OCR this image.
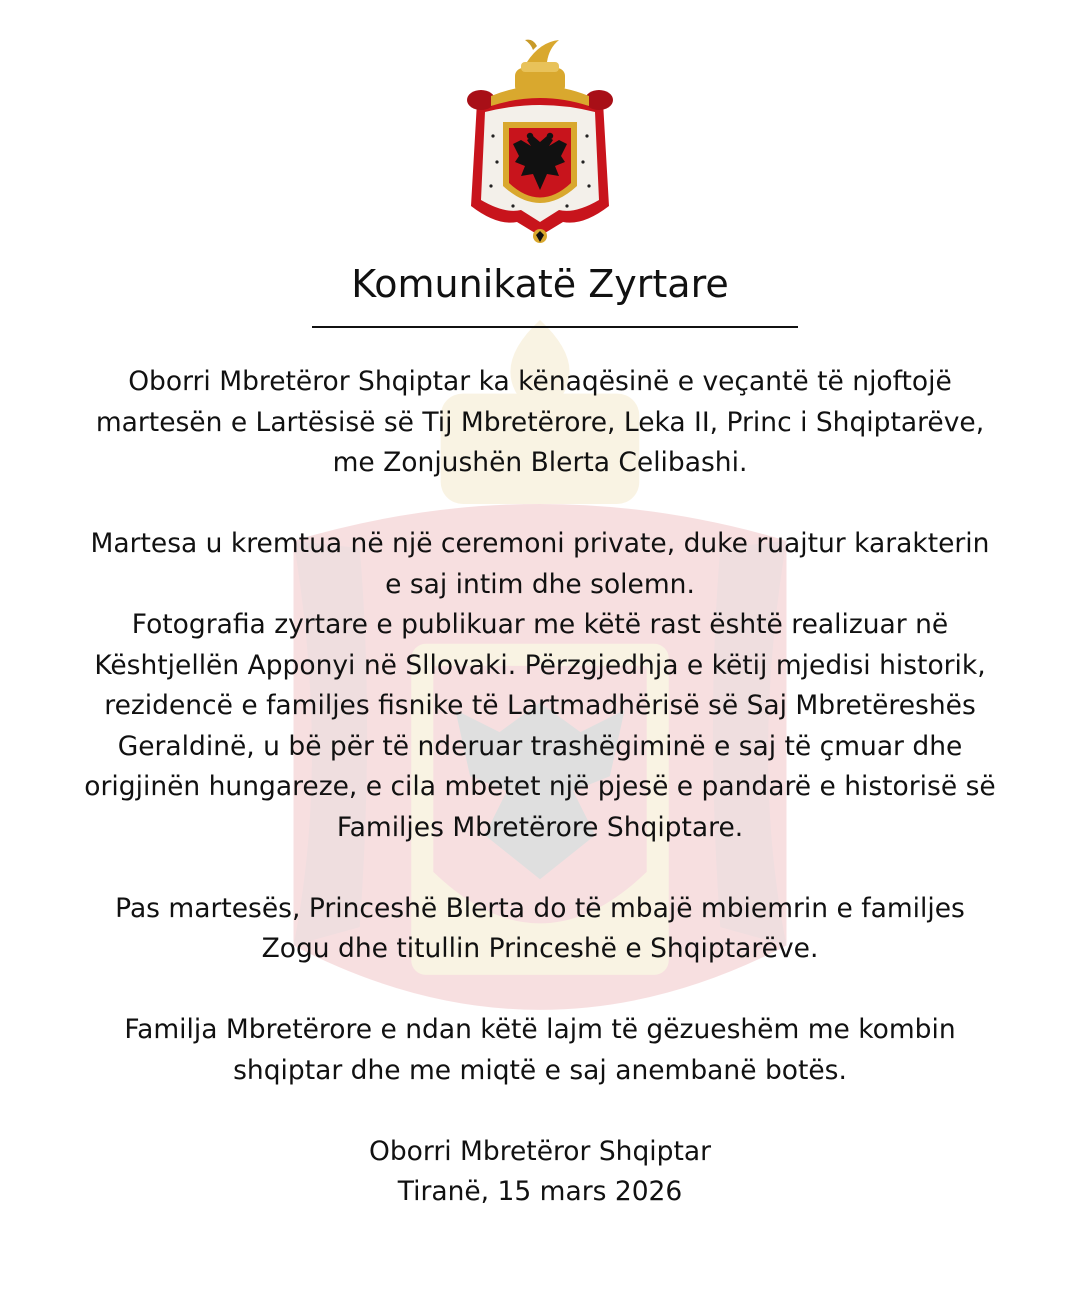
Komunikatë Zyrtare
Oborri Mbretëror Shqiptar ka kënaqësinë e veçantë të njoftojë
martesën e Lartësisë së Tij Mbretërore, Leka II, Princ i Shqiptarëve,
me Zonjushën Blerta Celibashi.
Martesa u kremtua në një ceremoni private, duke ruajtur karakterin
e saj intim dhe solemn.
Fotografia zyrtare e publikuar me këtë rast është realizuar në
Kështjellën Apponyi në Sllovaki. Përzgjedhja e këtij mjedisi historik,
rezidencë e familjes fisnike të Lartmadhërisë së Saj Mbretëreshës
Geraldinë, u bë për të nderuar trashëgiminë e saj të çmuar dhe
origjinën hungareze, e cila mbetet një pjesë e pandarë e historisë së
Familjes Mbretërore Shqiptare.
Pas martesës, Princeshë Blerta do të mbajë mbiemrin e familjes
Zogu dhe titullin Princeshë e Shqiptarëve.
Familja Mbretërore e ndan këtë lajm të gëzueshëm me kombin
shqiptar dhe me miqtë e saj anembanë botës.
Oborri Mbretëror Shqiptar
Tiranë, 15 mars 2026
